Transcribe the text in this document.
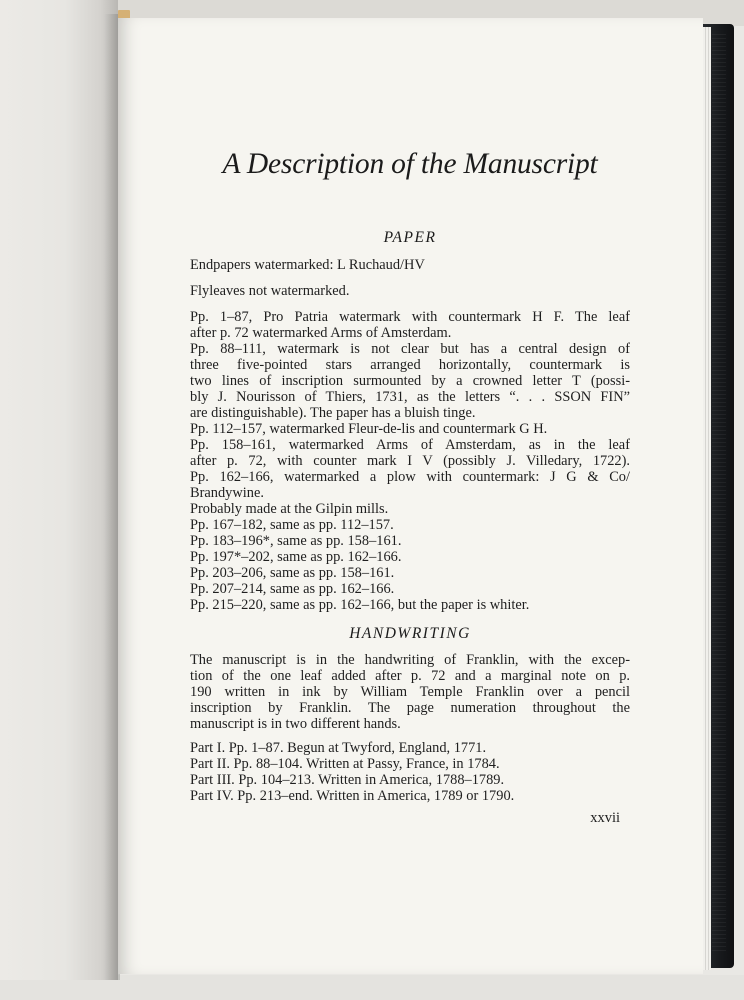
A Description of the Manuscript
PAPER
Endpapers watermarked: L Ruchaud/HV
Flyleaves not watermarked.
Pp. 1–87, Pro Patria watermark with countermark H F. The leaf
after p. 72 watermarked Arms of Amsterdam.
Pp. 88–111, watermark is not clear but has a central design of
three five-pointed stars arranged horizontally, countermark is
two lines of inscription surmounted by a crowned letter T (possi-
bly J. Nourisson of Thiers, 1731, as the letters “. . . SSON FIN”
are distinguishable). The paper has a bluish tinge.
Pp. 112–157, watermarked Fleur-de-lis and countermark G H.
Pp. 158–161, watermarked Arms of Amsterdam, as in the leaf
after p. 72, with counter mark I V (possibly J. Villedary, 1722).
Pp. 162–166, watermarked a plow with countermark: J G & Co/
Brandywine.
Probably made at the Gilpin mills.
Pp. 167–182, same as pp. 112–157.
Pp. 183–196*, same as pp. 158–161.
Pp. 197*–202, same as pp. 162–166.
Pp. 203–206, same as pp. 158–161.
Pp. 207–214, same as pp. 162–166.
Pp. 215–220, same as pp. 162–166, but the paper is whiter.
HANDWRITING
The manuscript is in the handwriting of Franklin, with the excep-
tion of the one leaf added after p. 72 and a marginal note on p.
190 written in ink by William Temple Franklin over a pencil
inscription by Franklin. The page numeration throughout the
manuscript is in two different hands.
Part I. Pp. 1–87. Begun at Twyford, England, 1771.
Part II. Pp. 88–104. Written at Passy, France, in 1784.
Part III. Pp. 104–213. Written in America, 1788–1789.
Part IV. Pp. 213–end. Written in America, 1789 or 1790.
xxvii
